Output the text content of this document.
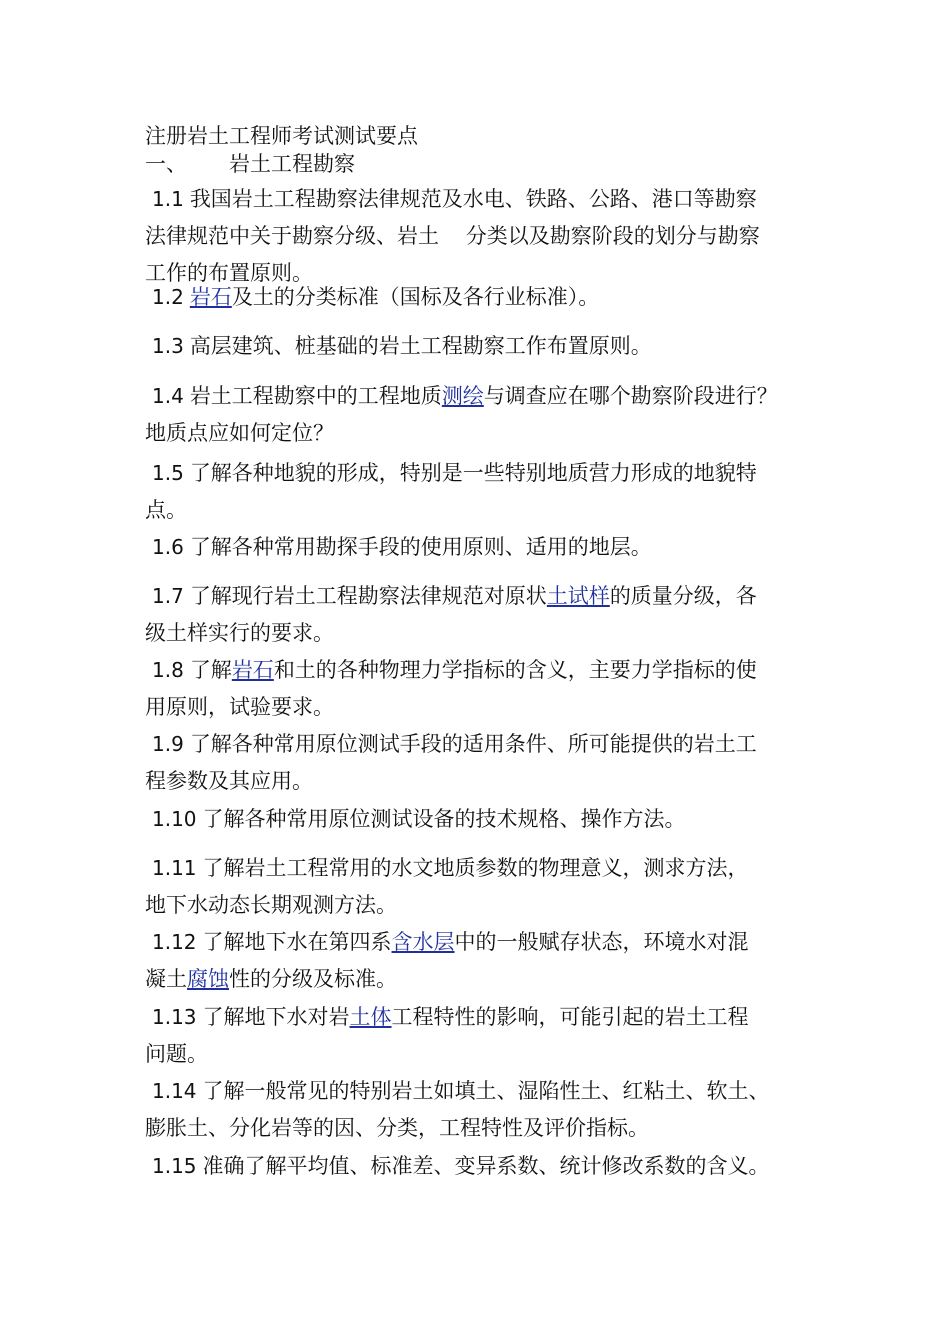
注册岩土工程师考试测试要点
一、 岩土工程勘察
1.1 我国岩土工程勘察法律规范及水电、铁路、公路、港口等勘察
法律规范中关于勘察分级、岩土    分类以及勘察阶段的划分与勘察
工作的布置原则。
1.2 岩石及土的分类标准（国标及各行业标准）。
1.3 高层建筑、桩基础的岩土工程勘察工作布置原则。
1.4 岩土工程勘察中的工程地质测绘与调查应在哪个勘察阶段进行？
地质点应如何定位？
1.5 了解各种地貌的形成，特别是一些特别地质营力形成的地貌特
点。
1.6 了解各种常用勘探手段的使用原则、适用的地层。
1.7 了解现行岩土工程勘察法律规范对原状土试样的质量分级，各
级土样实行的要求。
1.8 了解岩石和土的各种物理力学指标的含义，主要力学指标的使
用原则，试验要求。
1.9 了解各种常用原位测试手段的适用条件、所可能提供的岩土工
程参数及其应用。
1.10 了解各种常用原位测试设备的技术规格、操作方法。
1.11 了解岩土工程常用的水文地质参数的物理意义，测求方法，
地下水动态长期观测方法。
1.12 了解地下水在第四系含水层中的一般赋存状态，环境水对混
凝土腐蚀性的分级及标准。
1.13 了解地下水对岩土体工程特性的影响，可能引起的岩土工程
问题。
1.14 了解一般常见的特别岩土如填土、湿陷性土、红粘土、软土、
膨胀土、分化岩等的因、分类，工程特性及评价指标。
1.15 准确了解平均值、标准差、变异系数、统计修改系数的含义。
